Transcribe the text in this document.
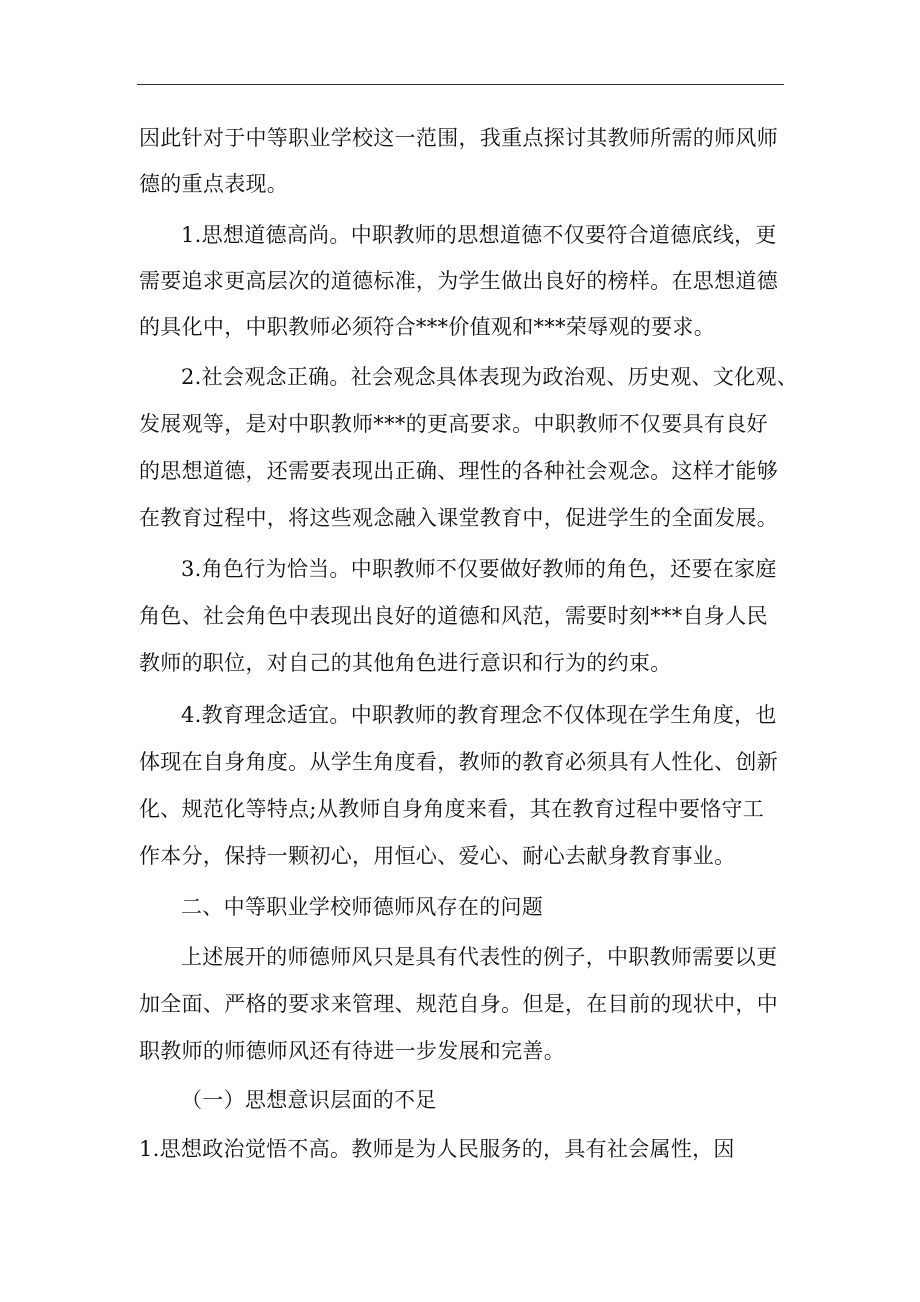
因此针对于中等职业学校这一范围，我重点探讨其教师所需的师风师
德的重点表现。
1.思想道德高尚。中职教师的思想道德不仅要符合道德底线，更
需要追求更高层次的道德标准，为学生做出良好的榜样。在思想道德
的具化中，中职教师必须符合***价值观和***荣辱观的要求。
2.社会观念正确。社会观念具体表现为政治观、历史观、文化观、
发展观等，是对中职教师***的更高要求。中职教师不仅要具有良好
的思想道德，还需要表现出正确、理性的各种社会观念。这样才能够
在教育过程中，将这些观念融入课堂教育中，促进学生的全面发展。
3.角色行为恰当。中职教师不仅要做好教师的角色，还要在家庭
角色、社会角色中表现出良好的道德和风范，需要时刻***自身人民
教师的职位，对自己的其他角色进行意识和行为的约束。
4.教育理念适宜。中职教师的教育理念不仅体现在学生角度，也
体现在自身角度。从学生角度看，教师的教育必须具有人性化、创新
化、规范化等特点;从教师自身角度来看，其在教育过程中要恪守工
作本分，保持一颗初心，用恒心、爱心、耐心去献身教育事业。
二、中等职业学校师德师风存在的问题
上述展开的师德师风只是具有代表性的例子，中职教师需要以更
加全面、严格的要求来管理、规范自身。但是，在目前的现状中，中
职教师的师德师风还有待进一步发展和完善。
（一）思想意识层面的不足
1.思想政治觉悟不高。教师是为人民服务的，具有社会属性，因
